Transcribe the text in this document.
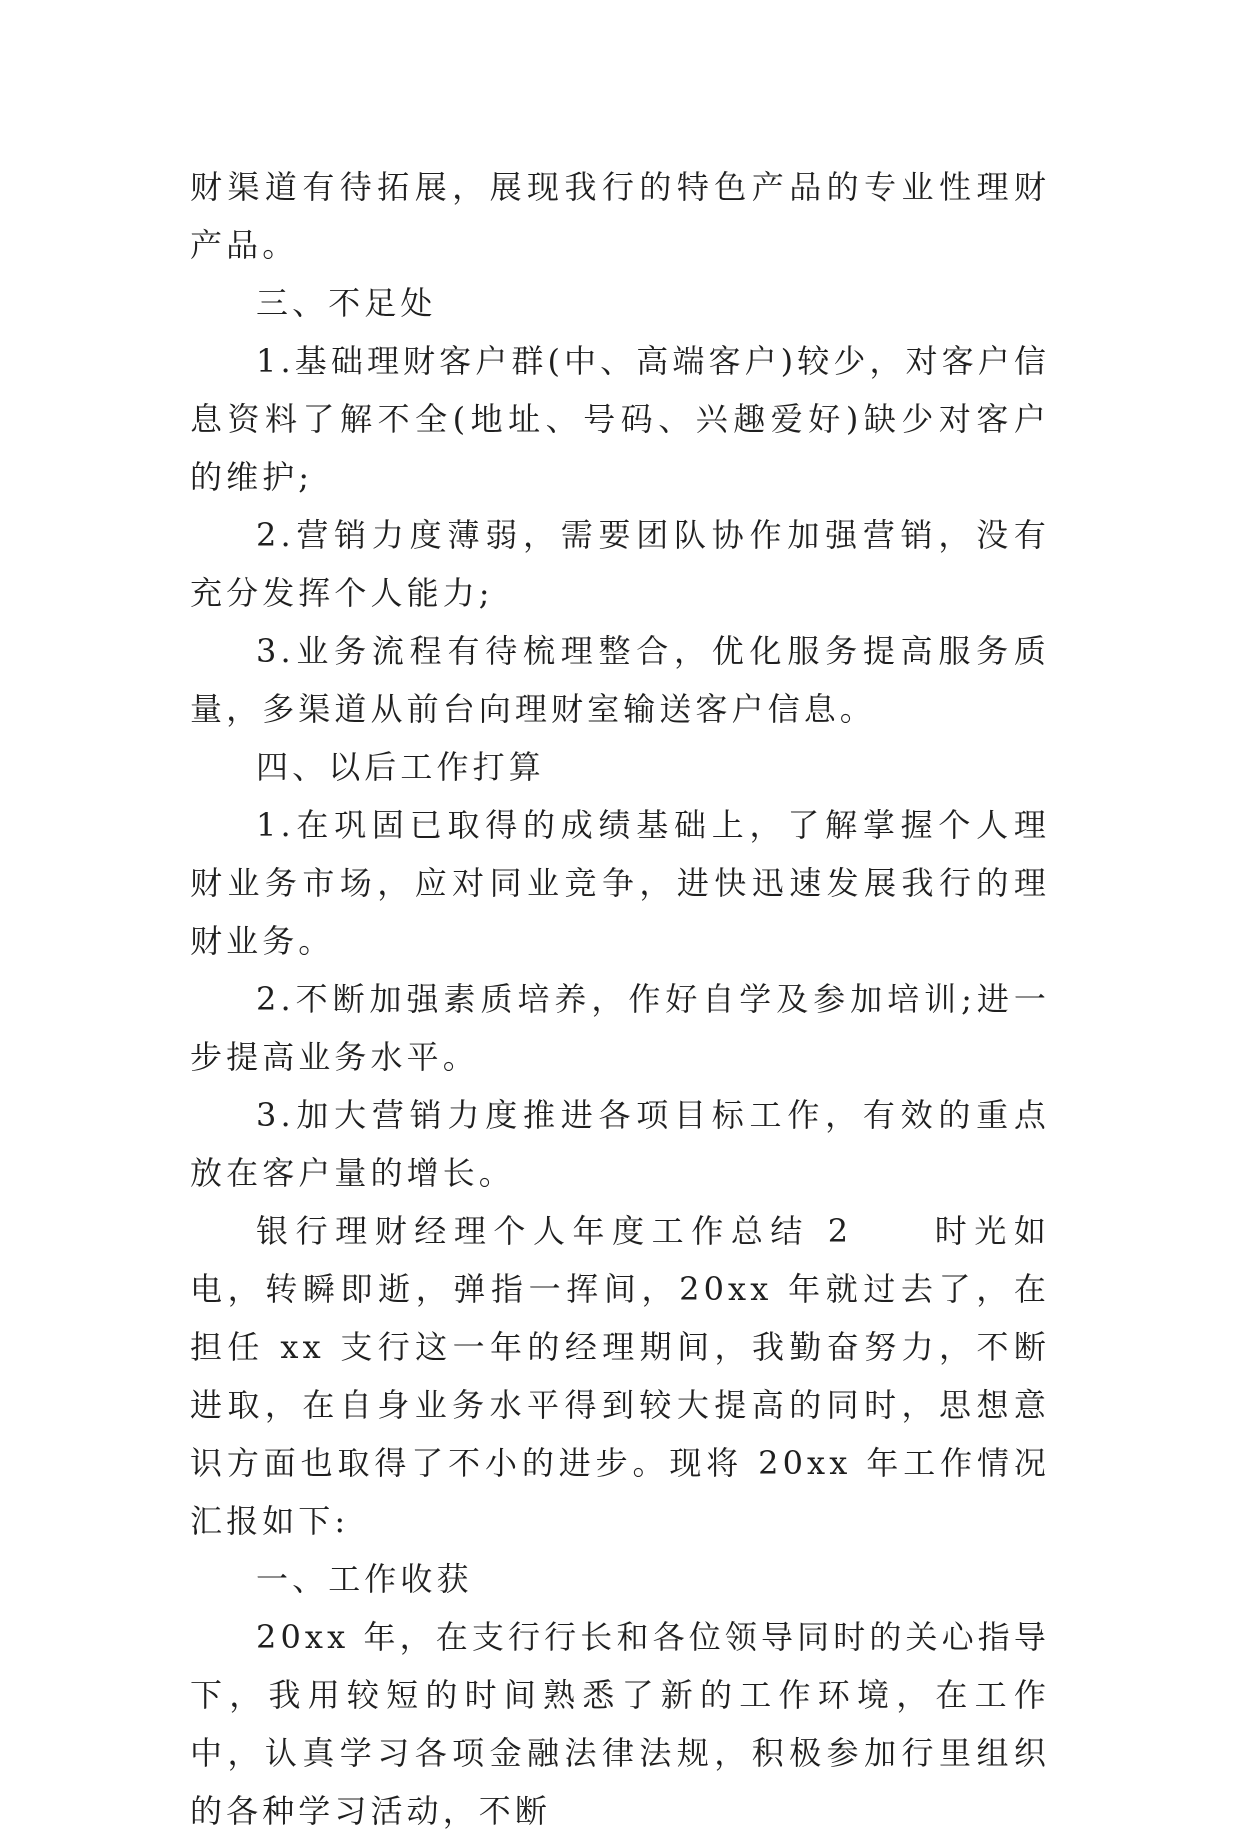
财渠道有待拓展，展现我行的特色产品的专业性理财产品。

三、不足处

1.基础理财客户群(中、高端客户)较少，对客户信息资料了解不全(地址、号码、兴趣爱好)缺少对客户的维护;

2.营销力度薄弱，需要团队协作加强营销，没有充分发挥个人能力;

3.业务流程有待梳理整合，优化服务提高服务质量，多渠道从前台向理财室输送客户信息。

四、以后工作打算

1.在巩固已取得的成绩基础上，了解掌握个人理财业务市场，应对同业竞争，进快迅速发展我行的理财业务。

2.不断加强素质培养，作好自学及参加培训;进一步提高业务水平。

3.加大营销力度推进各项目标工作，有效的重点放在客户量的增长。

银行理财经理个人年度工作总结 2　　时光如电，转瞬即逝，弹指一挥间，20xx 年就过去了，在担任 xx 支行这一年的经理期间，我勤奋努力，不断进取，在自身业务水平得到较大提高的同时，思想意识方面也取得了不小的进步。现将 20xx 年工作情况汇报如下:

一、工作收获

20xx 年，在支行行长和各位领导同时的关心指导下，我用较短的时间熟悉了新的工作环境，在工作中，认真学习各项金融法律法规，积极参加行里组织的各种学习活动，不断
